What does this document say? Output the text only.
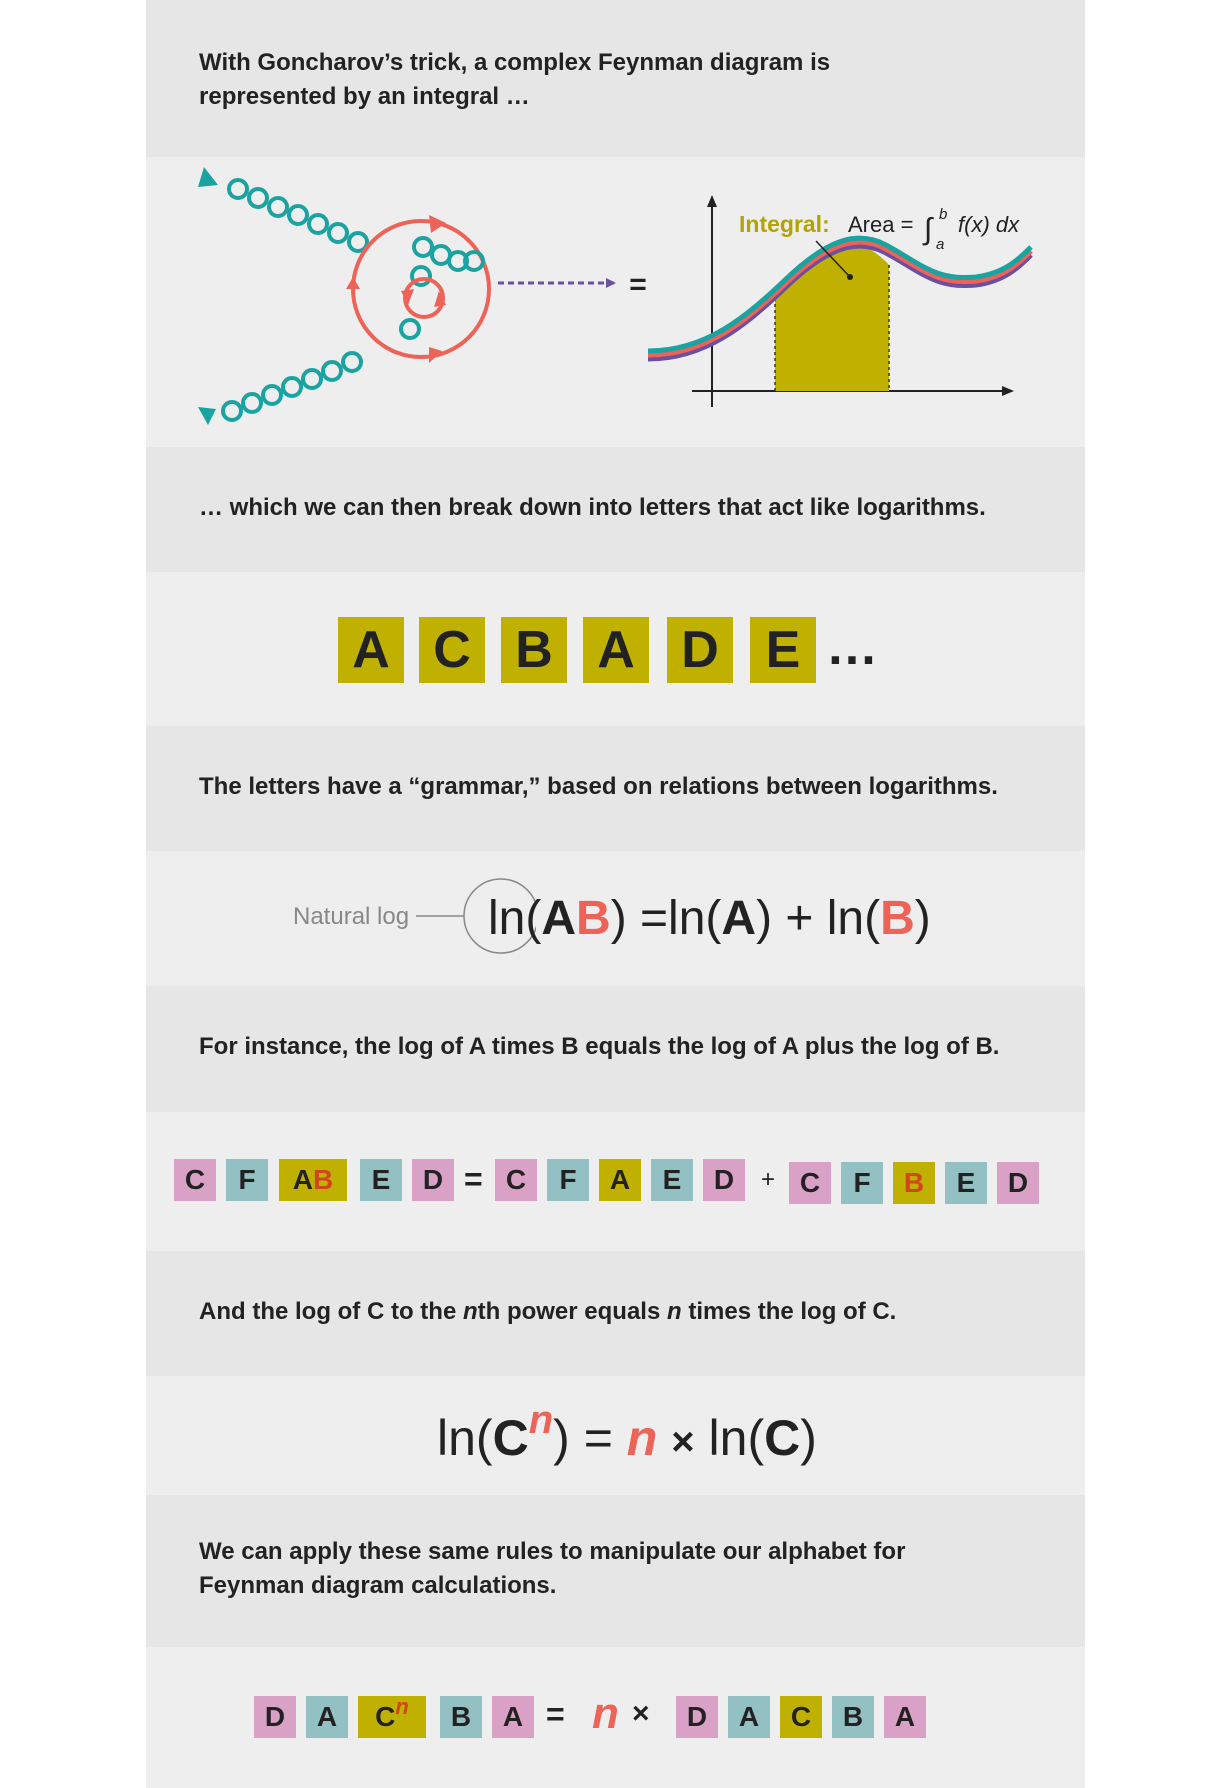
With Goncharov’s trick, a complex Feynman diagram is
represented by an integral …
=
Integral: Area = ∫ b
a
f(x) dx
… which we can then break down into letters that act like logarithms.
A C B A D E …
The letters have a “grammar,” based on relations between logarithms.
Natural log ln(AB) =ln(A) + ln(B)
For instance, the log of A times B equals the log of A plus the log of B.
C	F	A B	E	D = C	F	A	E	D	+ C	F	B	E	D
And the log of C to the nth power equals n times the log of C.
$\ln(C^n) = n \times \ln(C)$
We can apply these same rules to manipulate our alphabet for
Feynman diagram calculations.
D	A	C n	B	A = n ×	D	A	C	B	A
